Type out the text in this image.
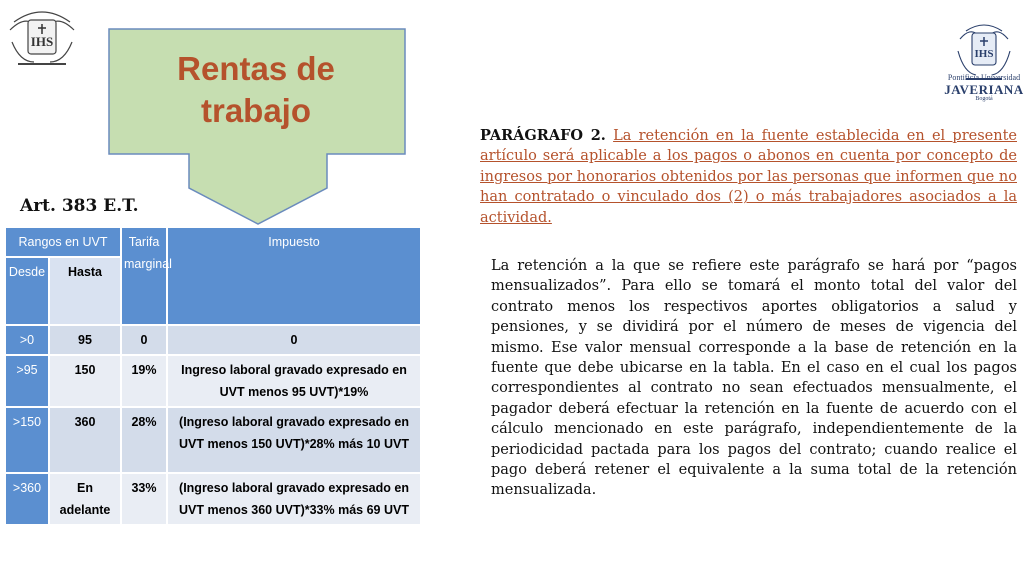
IHS
IHS
Pontificia Universidad
JAVERIANA
Bogotá
Rentas de
trabajo
Art. 383 E.T.
Rangos en UVT		Tarifa marginal	Impuesto
Desde	Hasta		
>0	95	0	0
>95	150	19%	Ingreso laboral gravado expresado en UVT menos 95 UVT)*19%
>150	360	28%	(Ingreso laboral gravado expresado en UVT menos 150 UVT)*28% más 10 UVT
>360	En adelante	33%	(Ingreso laboral gravado expresado en UVT menos 360 UVT)*33% más 69 UVT
PARÁGRAFO 2. La retención en la fuente establecida en el presente artículo será aplicable a los pagos o abonos en cuenta por concepto de ingresos por honorarios obtenidos por las personas que informen que no han contratado o vinculado dos (2) o más trabajadores asociados a la actividad.
La retención a la que se refiere este parágrafo se hará por “pagos mensualizados”. Para ello se tomará el monto total del valor del contrato menos los respectivos aportes obligatorios a salud y pensiones, y se dividirá por el número de meses de vigencia del mismo. Ese valor mensual corresponde a la base de retención en la fuente que debe ubicarse en la tabla. En el caso en el cual los pagos correspondientes al contrato no sean efectuados mensualmente, el pagador deberá efectuar la retención en la fuente de acuerdo con el cálculo mencionado en este parágrafo, independientemente de la periodicidad pactada para los pagos del contrato; cuando realice el pago deberá retener el equivalente a la suma total de la retención mensualizada.
